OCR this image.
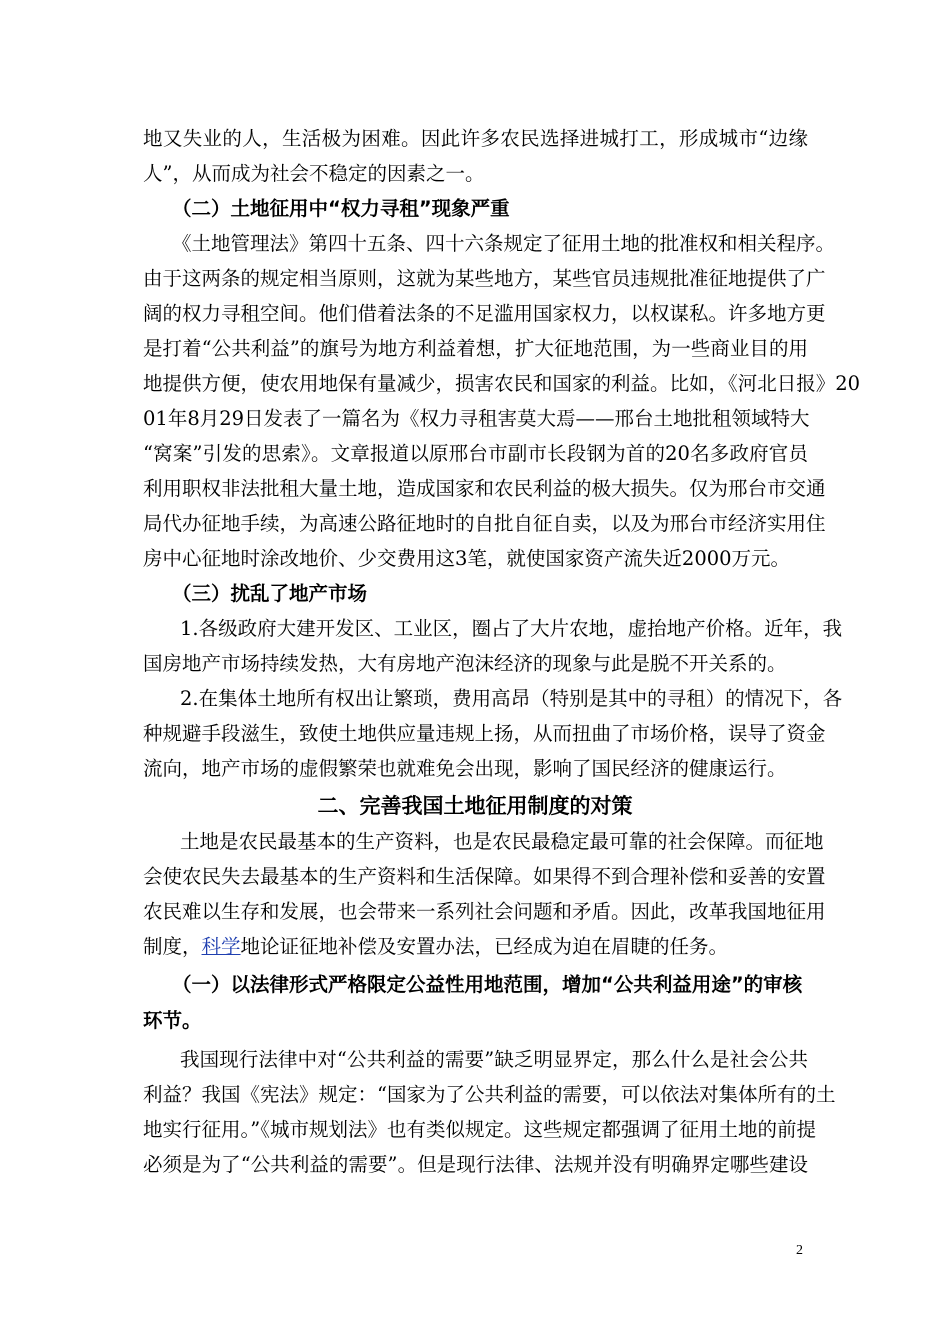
地又失业的人，生活极为困难。因此许多农民选择进城打工，形成城市“边缘
人”，从而成为社会不稳定的因素之一。
（二）土地征用中“权力寻租”现象严重
《土地管理法》第四十五条、四十六条规定了征用土地的批准权和相关程序。
由于这两条的规定相当原则，这就为某些地方，某些官员违规批准征地提供了广
阔的权力寻租空间。他们借着法条的不足滥用国家权力，以权谋私。许多地方更
是打着“公共利益”的旗号为地方利益着想，扩大征地范围，为一些商业目的用
地提供方便，使农用地保有量减少，损害农民和国家的利益。比如，《河北日报》20
01年8月29日发表了一篇名为《权力寻租害莫大焉——邢台土地批租领域特大
“窝案”引发的思索》。文章报道以原邢台市副市长段钢为首的20名多政府官员
利用职权非法批租大量土地，造成国家和农民利益的极大损失。仅为邢台市交通
局代办征地手续，为高速公路征地时的自批自征自卖，以及为邢台市经济实用住
房中心征地时涂改地价、少交费用这3笔，就使国家资产流失近2000万元。
（三）扰乱了地产市场
1.各级政府大建开发区、工业区，圈占了大片农地，虚抬地产价格。近年，我
国房地产市场持续发热，大有房地产泡沫经济的现象与此是脱不开关系的。
2.在集体土地所有权出让繁琐，费用高昂（特别是其中的寻租）的情况下，各
种规避手段滋生，致使土地供应量违规上扬，从而扭曲了市场价格，误导了资金
流向，地产市场的虚假繁荣也就难免会出现，影响了国民经济的健康运行。
二、完善我国土地征用制度的对策
土地是农民最基本的生产资料，也是农民最稳定最可靠的社会保障。而征地
会使农民失去最基本的生产资料和生活保障。如果得不到合理补偿和妥善的安置
农民难以生存和发展，也会带来一系列社会问题和矛盾。因此，改革我国地征用
制度，科学地论证征地补偿及安置办法，已经成为迫在眉睫的任务。
（一）以法律形式严格限定公益性用地范围，增加“公共利益用途”的审核
环节。
我国现行法律中对“公共利益的需要”缺乏明显界定，那么什么是社会公共
利益？我国《宪法》规定：“国家为了公共利益的需要，可以依法对集体所有的土
地实行征用。”《城市规划法》也有类似规定。这些规定都强调了征用土地的前提
必须是为了“公共利益的需要”。但是现行法律、法规并没有明确界定哪些建设
2
